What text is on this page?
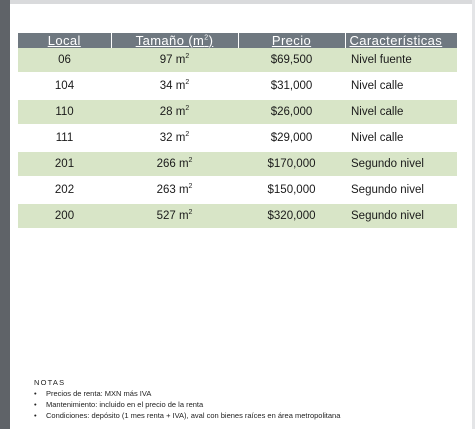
Local	Tamaño $(m^2)$	Precio	Características
06	97 $m^2$	$69,500	Nivel fuente

104	34 $m^2$	$31,000	Nivel calle

110	28 $m^2$	$26,000	Nivel calle

111	32 $m^2$	$29,000	Nivel calle

201	266 $m^2$	$170,000	Segundo nivel

202	263 $m^2$	$150,000	Segundo nivel

200	527 $m^2$	$320,000	Segundo nivel
NOTAS
• Precios de renta: MXN más IVA
• Mantenimiento: incluido en el precio de la renta
• Condiciones: depósito (1 mes renta + IVA), aval con bienes raíces en área metropolitana
